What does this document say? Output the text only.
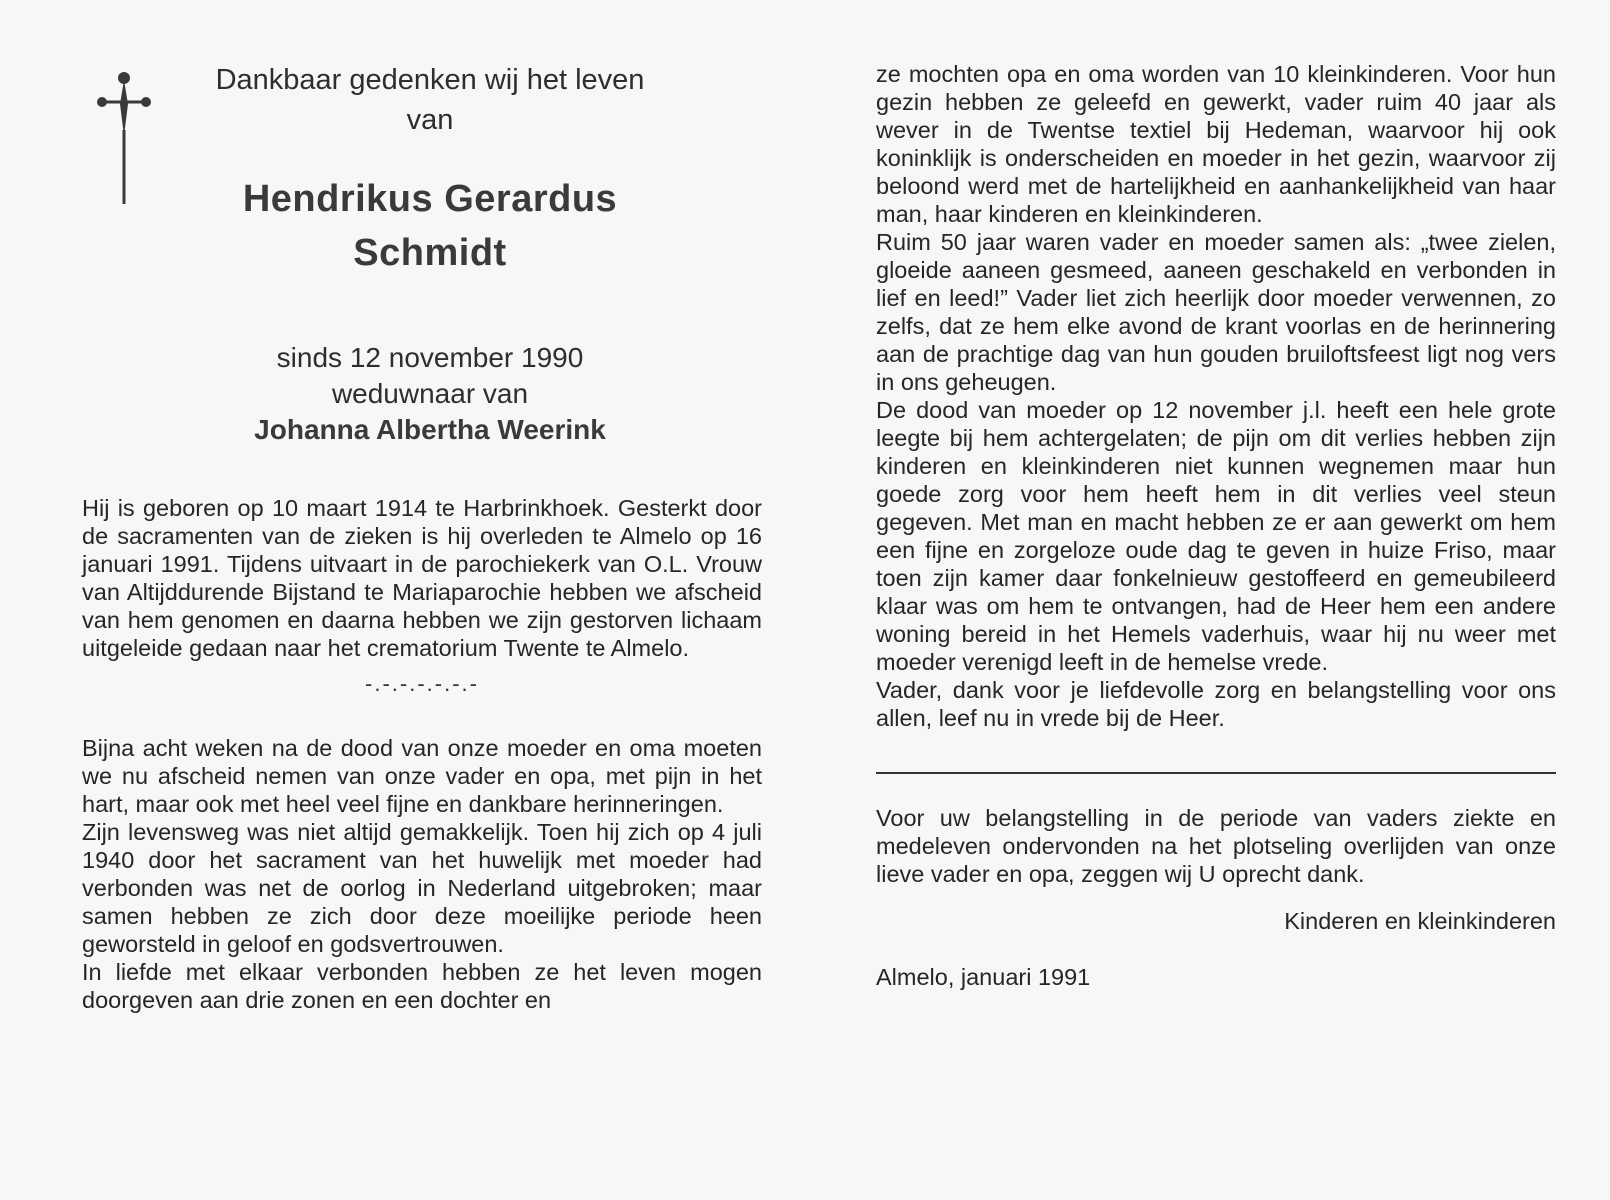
Dankbaar gedenken wij het leven
van
Hendrikus Gerardus
Schmidt
sinds 12 november 1990
weduwnaar van
Johanna Albertha Weerink

Hij is geboren op 10 maart 1914 te Harbrinkhoek. Gesterkt door de sacramenten van de zieken is hij overleden te Almelo op 16 januari 1991. Tijdens uitvaart in de parochiekerk van O.L. Vrouw van Altijddurende Bijstand te Mariaparochie hebben we afscheid van hem genomen en daarna hebben we zijn gestorven lichaam uitgeleide gedaan naar het crematorium Twente te Almelo.

-.-.-.-.-.-.-

Bijna acht weken na de dood van onze moeder en oma moeten we nu afscheid nemen van onze vader en opa, met pijn in het hart, maar ook met heel veel fijne en dankbare herinneringen.

Zijn levensweg was niet altijd gemakkelijk. Toen hij zich op 4 juli 1940 door het sacrament van het huwelijk met moeder had verbonden was net de oorlog in Nederland uitgebroken; maar samen hebben ze zich door deze moeilijke periode heen geworsteld in geloof en godsvertrouwen.

In liefde met elkaar verbonden hebben ze het leven mogen doorgeven aan drie zonen en een dochter en

ze mochten opa en oma worden van 10 kleinkinderen. Voor hun gezin hebben ze geleefd en gewerkt, vader ruim 40 jaar als wever in de Twentse textiel bij Hedeman, waarvoor hij ook koninklijk is onderscheiden en moeder in het gezin, waarvoor zij beloond werd met de hartelijkheid en aanhankelijkheid van haar man, haar kinderen en kleinkinderen.

Ruim 50 jaar waren vader en moeder samen als: „twee zielen, gloeide aaneen gesmeed, aaneen geschakeld en verbonden in lief en leed!” Vader liet zich heerlijk door moeder verwennen, zo zelfs, dat ze hem elke avond de krant voorlas en de herinnering aan de prachtige dag van hun gouden bruiloftsfeest ligt nog vers in ons geheugen.

De dood van moeder op 12 november j.l. heeft een hele grote leegte bij hem achtergelaten; de pijn om dit verlies hebben zijn kinderen en kleinkinderen niet kunnen wegnemen maar hun goede zorg voor hem heeft hem in dit verlies veel steun gegeven. Met man en macht hebben ze er aan gewerkt om hem een fijne en zorgeloze oude dag te geven in huize Friso, maar toen zijn kamer daar fonkelnieuw gestoffeerd en gemeubileerd klaar was om hem te ontvangen, had de Heer hem een andere woning bereid in het Hemels vaderhuis, waar hij nu weer met moeder verenigd leeft in de hemelse vrede.

Vader, dank voor je liefdevolle zorg en belangstelling voor ons allen, leef nu in vrede bij de Heer.

Voor uw belangstelling in de periode van vaders ziekte en medeleven ondervonden na het plotseling overlijden van onze lieve vader en opa, zeggen wij U oprecht dank.

Kinderen en kleinkinderen
Almelo, januari 1991
